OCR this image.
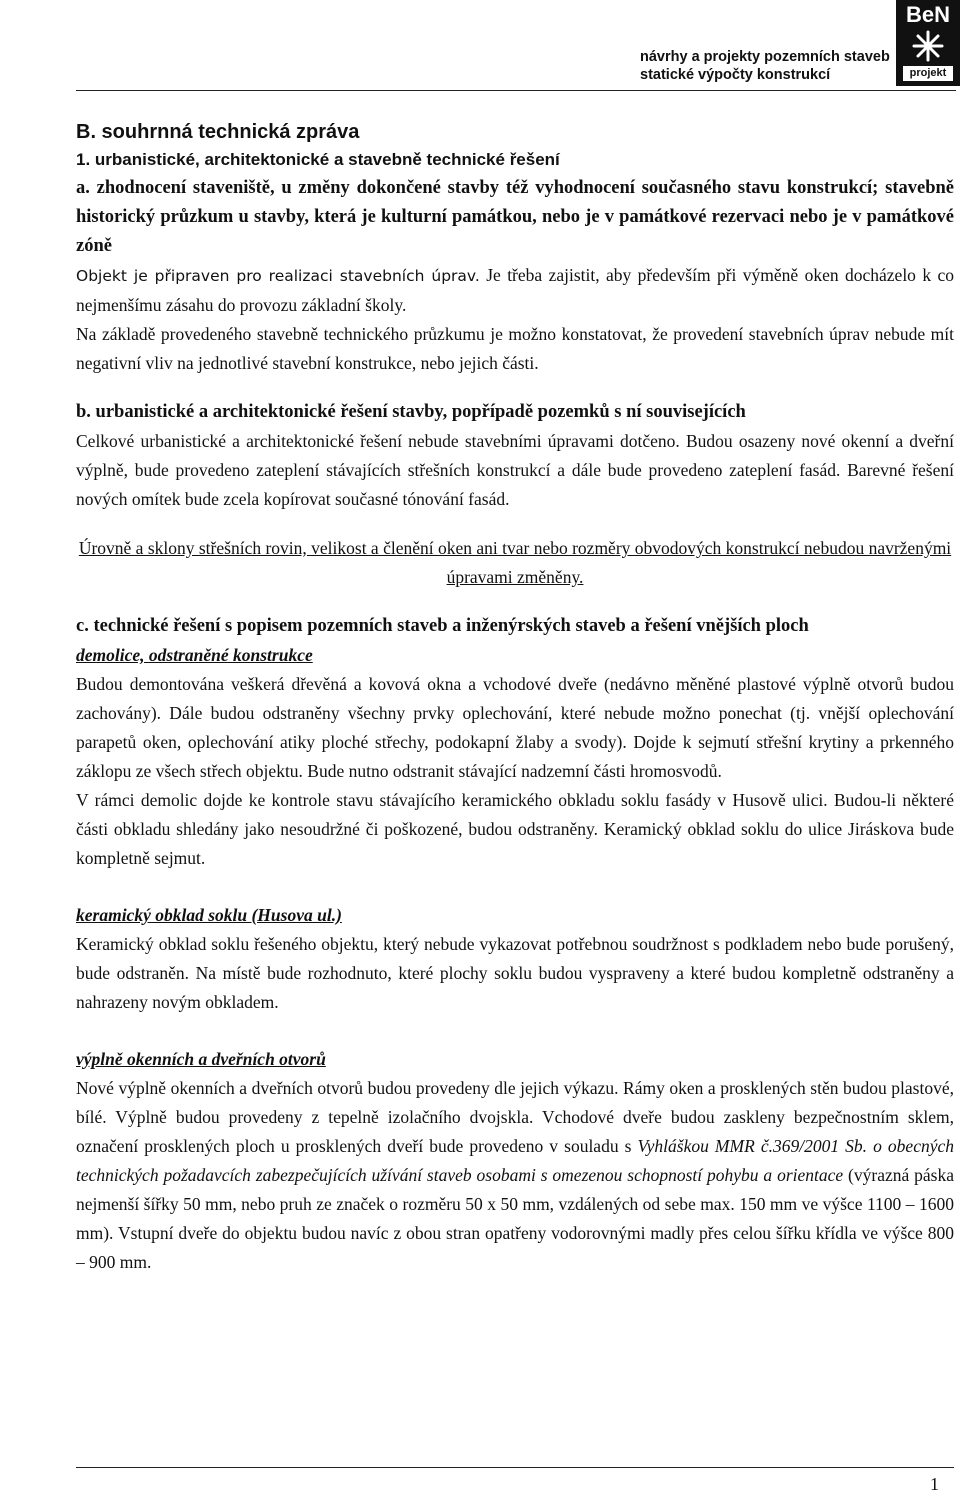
návrhy a projekty pozemních staveb
statické výpočty konstrukcí
BeN
projekt

B. souhrnná technická zpráva

1. urbanistické, architektonické a stavebně technické řešení

a. zhodnocení staveniště, u změny dokončené stavby též vyhodnocení současného stavu konstrukcí; stavebně historický průzkum u stavby, která je kulturní památkou, nebo je v památkové rezervaci nebo je v památkové zóně

Objekt je připraven pro realizaci stavebních úprav. Je třeba zajistit, aby především při výměně oken docházelo k co nejmenšímu zásahu do provozu základní školy.

Na základě provedeného stavebně technického průzkumu je možno konstatovat, že provedení stavebních úprav nebude mít negativní vliv na jednotlivé stavební konstrukce, nebo jejich části.

b. urbanistické a architektonické řešení stavby, popřípadě pozemků s ní souvisejících

Celkové urbanistické a architektonické řešení nebude stavebními úpravami dotčeno. Budou osazeny nové okenní a dveřní výplně, bude provedeno zateplení stávajících střešních konstrukcí a dále bude provedeno zateplení fasád. Barevné řešení nových omítek bude zcela kopírovat současné tónování fasád.

Úrovně a sklony střešních rovin, velikost a členění oken ani tvar nebo rozměry obvodových konstrukcí nebudou navrženými úpravami změněny.

c. technické řešení s popisem pozemních staveb a inženýrských staveb a řešení vnějších ploch

demolice, odstraněné konstrukce

Budou demontována veškerá dřevěná a kovová okna a vchodové dveře (nedávno měněné plastové výplně otvorů budou zachovány). Dále budou odstraněny všechny prvky oplechování, které nebude možno ponechat (tj. vnější oplechování parapetů oken, oplechování atiky ploché střechy, podokapní žlaby a svody). Dojde k sejmutí střešní krytiny a prkenného záklopu ze všech střech objektu. Bude nutno odstranit stávající nadzemní části hromosvodů.

V rámci demolic dojde ke kontrole stavu stávajícího keramického obkladu soklu fasády v Husově ulici. Budou-li některé části obkladu shledány jako nesoudržné či poškozené, budou odstraněny. Keramický obklad soklu do ulice Jiráskova bude kompletně sejmut.

keramický obklad soklu (Husova ul.)

Keramický obklad soklu řešeného objektu, který nebude vykazovat potřebnou soudržnost s podkladem nebo bude porušený, bude odstraněn. Na místě bude rozhodnuto, které plochy soklu budou vyspraveny a které budou kompletně odstraněny a nahrazeny novým obkladem.

výplně okenních a dveřních otvorů

Nové výplně okenních a dveřních otvorů budou provedeny dle jejich výkazu. Rámy oken a prosklených stěn budou plastové, bílé. Výplně budou provedeny z tepelně izolačního dvojskla. Vchodové dveře budou zaskleny bezpečnostním sklem, označení prosklených ploch u prosklených dveří bude provedeno v souladu s Vyhláškou MMR č.369/2001 Sb. o obecných technických požadavcích zabezpečujících užívání staveb osobami s omezenou schopností pohybu a orientace (výrazná páska nejmenší šířky 50 mm, nebo pruh ze značek o rozměru 50 x 50 mm, vzdálených od sebe max. 150 mm ve výšce 1100 – 1600 mm). Vstupní dveře do objektu budou navíc z obou stran opatřeny vodorovnými madly přes celou šířku křídla ve výšce 800 – 900 mm.

1
